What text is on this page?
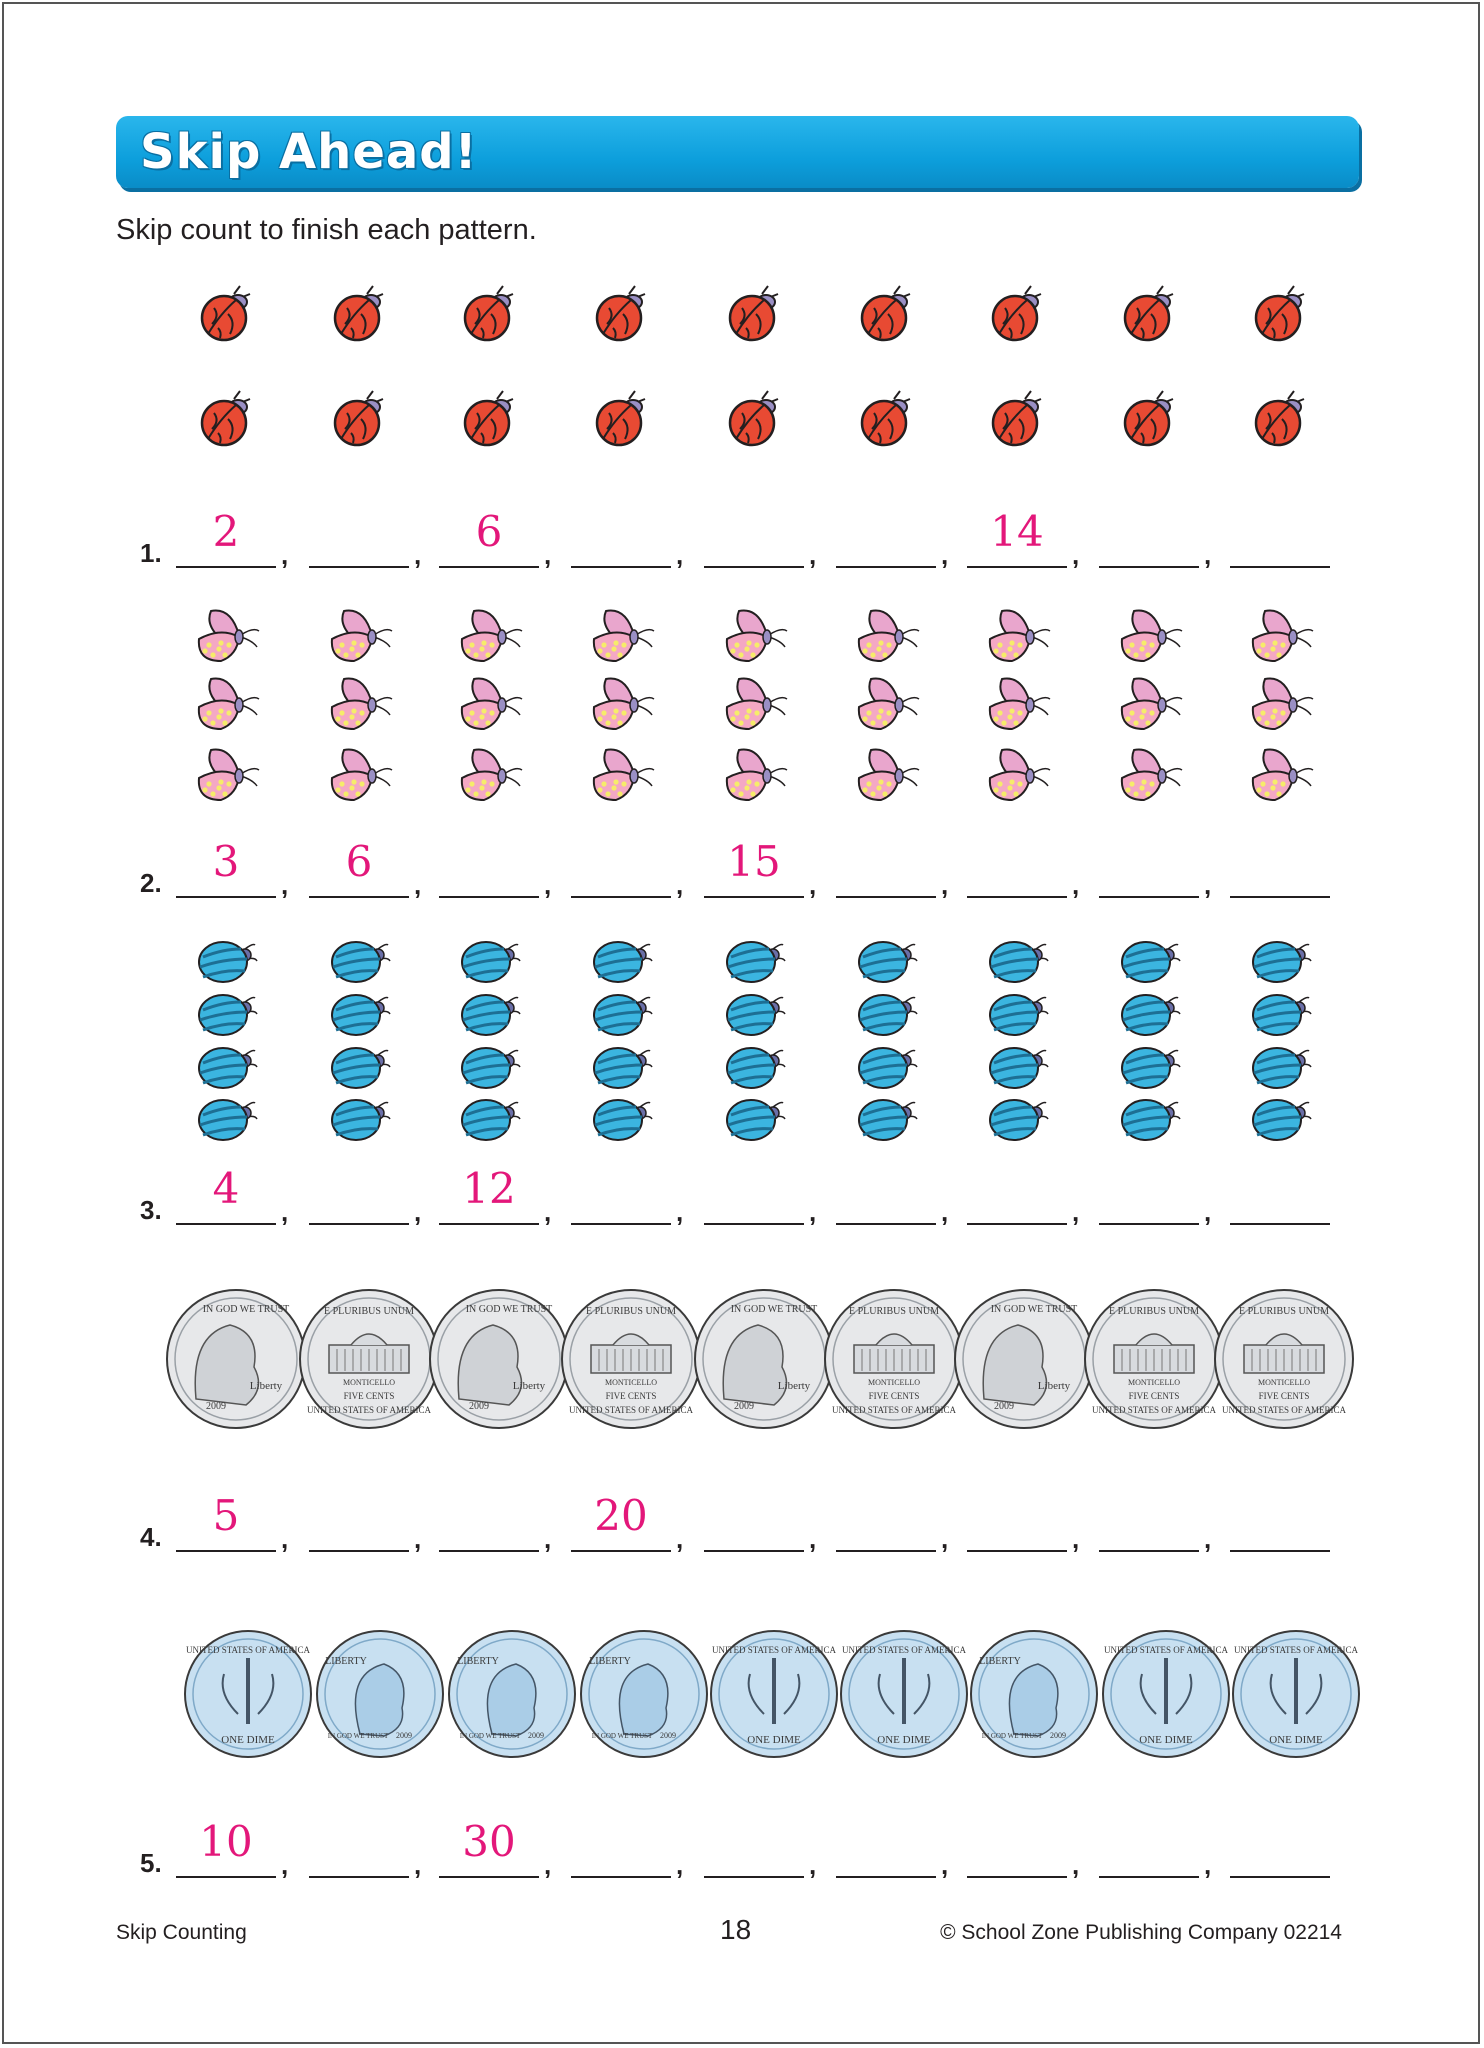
Skip Ahead!
Skip count to finish each pattern.
IN GOD WE TRUST
Liberty
2009
E PLURIBUS UNUM
MONTICELLO
FIVE CENTS
UNITED STATES OF AMERICA
IN GOD WE TRUST
Liberty
2009
E PLURIBUS UNUM
MONTICELLO
FIVE CENTS
UNITED STATES OF AMERICA
IN GOD WE TRUST
Liberty
2009
E PLURIBUS UNUM
MONTICELLO
FIVE CENTS
UNITED STATES OF AMERICA
IN GOD WE TRUST
Liberty
2009
E PLURIBUS UNUM
MONTICELLO
FIVE CENTS
UNITED STATES OF AMERICA
E PLURIBUS UNUM
MONTICELLO
FIVE CENTS
UNITED STATES OF AMERICA
UNITED STATES OF AMERICA
ONE DIME
LIBERTY
IN GOD WE TRUST 2009
LIBERTY
IN GOD WE TRUST 2009
LIBERTY
IN GOD WE TRUST 2009
UNITED STATES OF AMERICA
ONE DIME
UNITED STATES OF AMERICA
ONE DIME
LIBERTY
IN GOD WE TRUST 2009
UNITED STATES OF AMERICA
ONE DIME
UNITED STATES OF AMERICA
ONE DIME
1.	2	,	,	6	,	,	,	,	14	,	,
2.	3	,	6	,	,	,	15	,	,	,	,
3.	4	,	, 12	,	,	,	,	,	,
4.	5	,	,	,	20	,	,	,	,	,
5. 10	,	, 30	,	,	,	,	,	,
Skip Counting	18	© School Zone Publishing Company 02214
